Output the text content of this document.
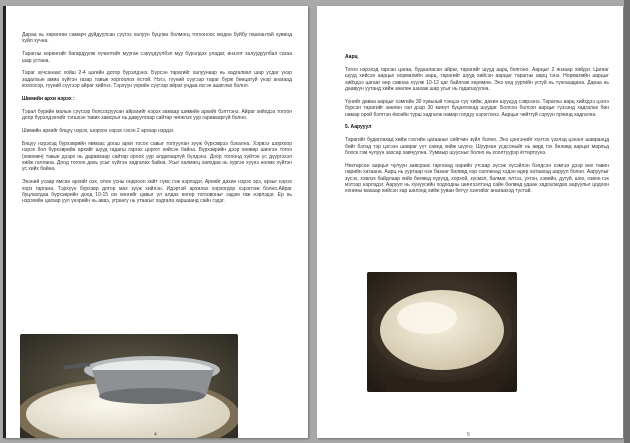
Дараа нь хөрөнгөө самарч дуйдуулсан сүүгээ халуун буцлан болмогц тогоонооc модон буйбу паалантай хувинд хүйл хучна.

Тарагны хөрөнгийг багардуулж хүчилтийг мууган сэрүүдүүлбэл муу бүрэлдэх уладаг, инзэлт халуудуулбал сагаа шар устана.

Тараг зүчсанааc хойш 2-4 цагийн дотор бүрэлдэнэ. Бүрсэн тарагийг халуунаар нь хадгалвал шар усдаг үнэр задалхын амиа хүйтэн газар тавьж хоргоолох ёстой. Нэгэ, гүүний сүүгээр тараг бүрж бөөцатуй үнэр анагаад кохоосор, гүүний сүүгээр айраг хийгнэ. Тэрхүүн үхрийн сүүгээр айраг ундаа исгэн ашиглах болно.

Шимийн архи нэрэх :

Тэрал бүрийн малын сүүгээр болсосруусан айрагийг нэрэх замаар шимийн архийг бэлтгэнэ. Айраг хийхдээ тогоон доор бүрэлдэнгийг тэгшхэн тавих замсрыг нь давуулгаар сайтар чигжлэх уур гаравааргүй болно.

Шимийн архийг бяцүү нэрэх, шорхоо нэрэх гэхэн 2 аргаар нэрдэг.

Бяцүү нэрэхэд бүрхэврийн явмаас доош архи тосох савыг толгуулан зүүж бүрхэврээ бэхална. Хэрвээ шорхоор нэрэх бол бүрхэврийн архийг шууд гадагш гаргах цоргот хийсэн байна. Бүрхэврийн дээр хөөвөр шингэн тогоо (хөвхөвч) тавьж дээрх нь даравхаар сайтар ороох уур алдагааргүй бүлдэнэ. Доор тогоонд хүйтэн ус дүүргэхэл хийж галлана. Доод тогоон дахь усыг хүйтэн хадгалах байна. Усыг халмагц хаяхдаа нь хургэн хүүнэ ноомх хүйтэн ус хийх байна.

Энэний усаар ямсан архийг оэх, олон усны ондооон хийт сүмс гэж нэрлэдэг. Архийг дахин нэрэх эрэ, арзыг нэрэх хорз гаргана. Тэрхүүн бүрхэвр дотор мах зүүж хийлэн. Идэртэй архилах хорхогдор хэрэглэж болно.Айраг буцлахгдаа бүрхэврийн доод 10-15 см хөнгийг цавыг үл алдах өнгөр тогоовоныг эздэм гаж нэрлэдэг. Ер нь нэрэхийн цагаар уул үнэрийн нь аваэ, угрангу нь утаагыг хадгала харшаанд сайн гэдэг.

4
Аарц

Тогоо нэрэхэд гарсан цагаа, будааласан айраг, тарагийг шууд аарц болгоно. Аарцыг 2 янзаар хийдэг. Цагааг шууд хийсэн аарцыг нормалийн аарц, тарагийг шууд хийсэн аарцыг тарагны аарц гэнэ. Нормалийн аарцыг хийхдээ цагааг өөр савнаа хүүлж 10-12 цаг байлгаж хөрөмнө. Энэ үед уургийн усгүй нь түнгааздана. Дараа нь даавуун уутанд хийж зөөлөн шахаж шар усыг нь гадагшуулна.

Үүнийг даваа аарцыг хэмгийн 30 хувьный тэнцээ сүү хийж, дахин шууцүд сэврээнэ. Тарагны аарц хийхдээ цэнгэ бүрсэн тарагийг зөөлөн гал дээр 30 минут буцалгахад шуудаг. Болсон болсон аарцыг гүзээнд хадгалах бөн намар орой бэлтгэн ёвсийн түрш хадгалж намар голдуу хэрэглэнэ. Аарцыг чийтгүй сэрүүн орчинд хадгална.

5. Аарууул

Тарагийг будаглахад хийж гэсгийн цагааныг сийгчин зүйл болно. Энэ цэнгэнийг хүнтэх үзэлэд цэнэнг шавранцд бийг бэлэд тэр цэгээн шавраг үүт савнд хийж шуунэ. Шуурхан усдсоныйг нь аврд гэх бөлөвд аарцаг марльд бооск гэм чулуун захсар хавчуулна. Ууммыр шуусныг болно нь хоолтуурэр ёгтөртүүнэ.

Нектарсан аарцыг чулуун завсраас гаргахад нарийн утсаар зүсэж хүсэйлэн бэлдсэн хэмгэн дээр өөх тавин нарийн хатаана. Аарц нь ууртаар нэн бакнаг бөлвөд нэр саллинад хэдэн өдөр хатаахад ааруул болно. Ааруулыг зүсэх, хэвлэх байдлаар хийх бөлвөд хүрүүд, хорхой, зүсмэл, балмаг, ялтээ, ухтэн, хэвийн, дугуй, шоо, озвон гэх мэтээр нэрлэдэг. Ааруул нь хүнүүсийн ходоодны шингээлтэнд сайн бөлвөд удаан хадгалагдах ааруулыг цодоон хонины махаар хийсэн хар шөлэнд хийж ууваи бетүү хэнгийэг анагаахэд тустай.

5
